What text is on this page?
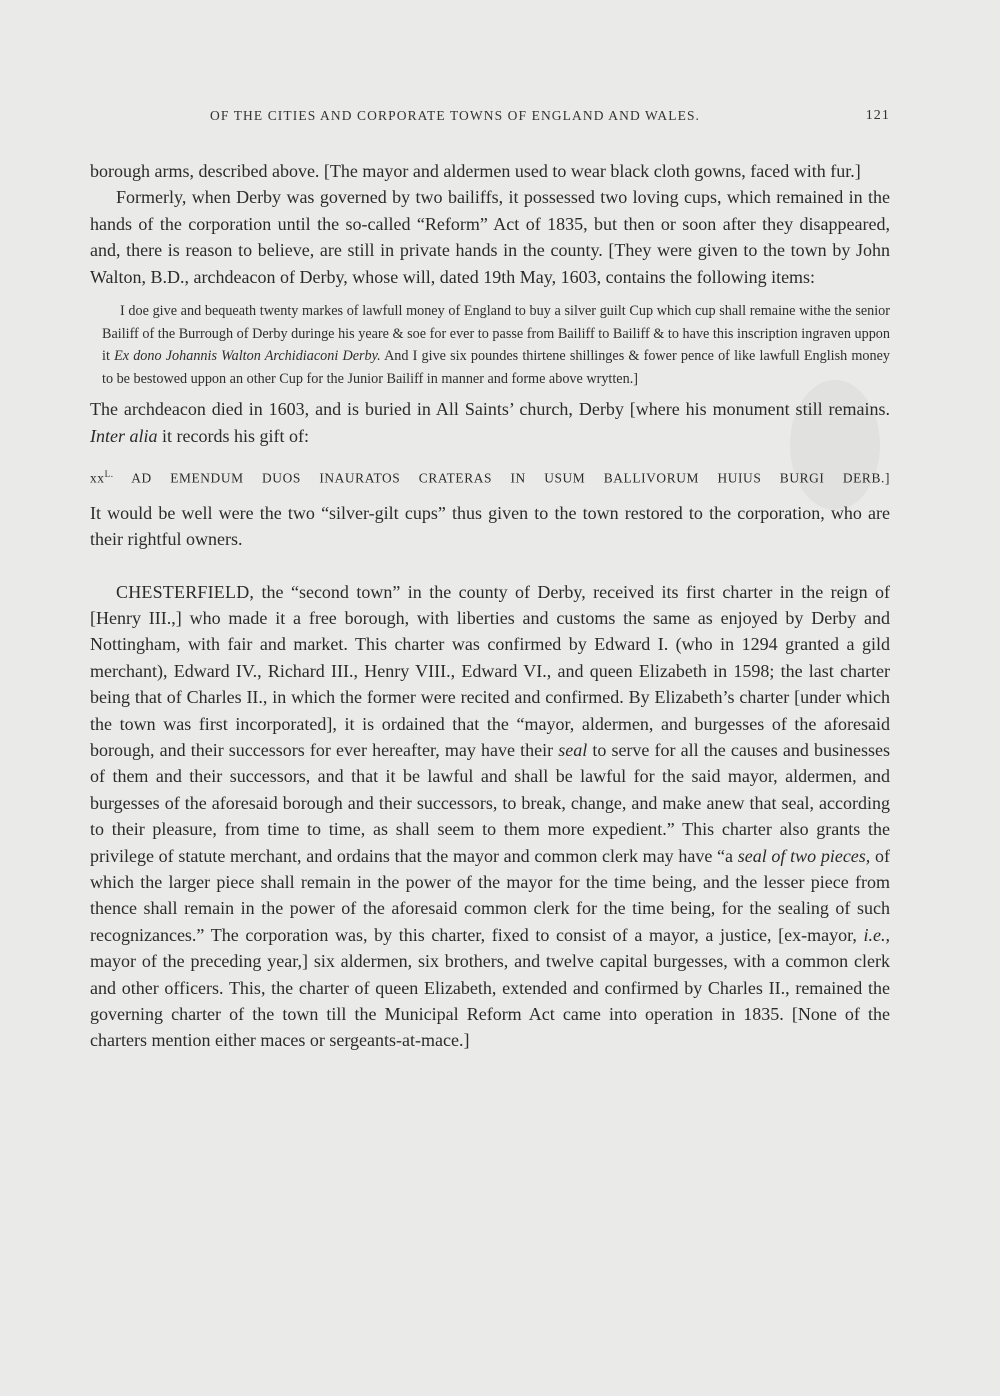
OF THE CITIES AND CORPORATE TOWNS OF ENGLAND AND WALES.	121

borough arms, described above. [The mayor and aldermen used to wear black cloth gowns, faced with fur.]

Formerly, when Derby was governed by two bailiffs, it possessed two loving cups, which remained in the hands of the corporation until the so-called “Reform” Act of 1835, but then or soon after they disappeared, and, there is reason to believe, are still in private hands in the county. [They were given to the town by John Walton, B.D., archdeacon of Derby, whose will, dated 19th May, 1603, contains the following items:

I doe give and bequeath twenty markes of lawfull money of England to buy a silver guilt Cup which cup shall remaine withe the senior Bailiff of the Burrough of Derby duringe his yeare & soe for ever to passe from Bailiff to Bailiff & to have this inscription ingraven uppon it Ex dono Johannis Walton Archidiaconi Derby. And I give six poundes thirtene shillinges & fower pence of like lawfull English money to be bestowed uppon an other Cup for the Junior Bailiff in manner and forme above wrytten.]

The archdeacon died in 1603, and is buried in All Saints’ church, Derby [where his monument still remains. Inter alia it records his gift of:

$xx^{L.}$ AD EMENDUM DUOS INAURATOS CRATERAS IN USUM BALLIVORUM HUIUS BURGI DERB.]

It would be well were the two “silver-gilt cups” thus given to the town restored to the corporation, who are their rightful owners.

CHESTERFIELD, the “second town” in the county of Derby, received its first charter in the reign of [Henry III.,] who made it a free borough, with liberties and customs the same as enjoyed by Derby and Nottingham, with fair and market. This charter was confirmed by Edward I. (who in 1294 granted a gild merchant), Edward IV., Richard III., Henry VIII., Edward VI., and queen Elizabeth in 1598; the last charter being that of Charles II., in which the former were recited and confirmed. By Elizabeth’s charter [under which the town was first incorporated], it is ordained that the “mayor, aldermen, and burgesses of the aforesaid borough, and their successors for ever hereafter, may have their seal to serve for all the causes and businesses of them and their successors, and that it be lawful and shall be lawful for the said mayor, aldermen, and burgesses of the aforesaid borough and their successors, to break, change, and make anew that seal, according to their pleasure, from time to time, as shall seem to them more expedient.” This charter also grants the privilege of statute merchant, and ordains that the mayor and common clerk may have “a seal of two pieces, of which the larger piece shall remain in the power of the mayor for the time being, and the lesser piece from thence shall remain in the power of the aforesaid common clerk for the time being, for the sealing of such recognizances.” The corporation was, by this charter, fixed to consist of a mayor, a justice, [ex-mayor, i.e., mayor of the preceding year,] six aldermen, six brothers, and twelve capital burgesses, with a common clerk and other officers. This, the charter of queen Elizabeth, extended and confirmed by Charles II., remained the governing charter of the town till the Municipal Reform Act came into operation in 1835. [None of the charters mention either maces or sergeants-at-mace.]
